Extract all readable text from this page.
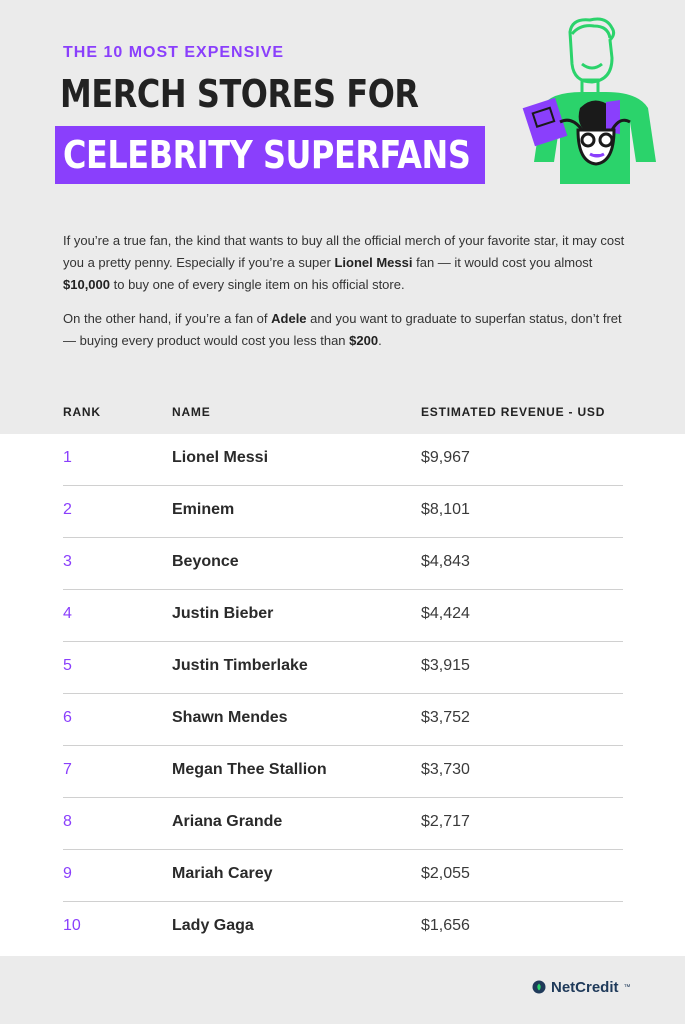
THE 10 MOST EXPENSIVE
MERCH STORES FOR
CELEBRITY SUPERFANS

If you’re a true fan, the kind that wants to buy all the official merch of your favorite star, it may cost you a pretty penny. Especially if you’re a super Lionel Messi fan — it would cost you almost $10,000 to buy one of every single item on his official store.

On the other hand, if you’re a fan of Adele and you want to graduate to superfan status, don’t fret — buying every product would cost you less than $200.

RANK	NAME	ESTIMATED REVENUE - USD
1	Lionel Messi	$9,967
2	Eminem	$8,101
3	Beyonce	$4,843
4	Justin Bieber	$4,424
5	Justin Timberlake	$3,915
6	Shawn Mendes	$3,752
7	Megan Thee Stallion	$3,730
8	Ariana Grande	$2,717
9	Mariah Carey	$2,055
10	Lady Gaga	$1,656
NetCredit ™
